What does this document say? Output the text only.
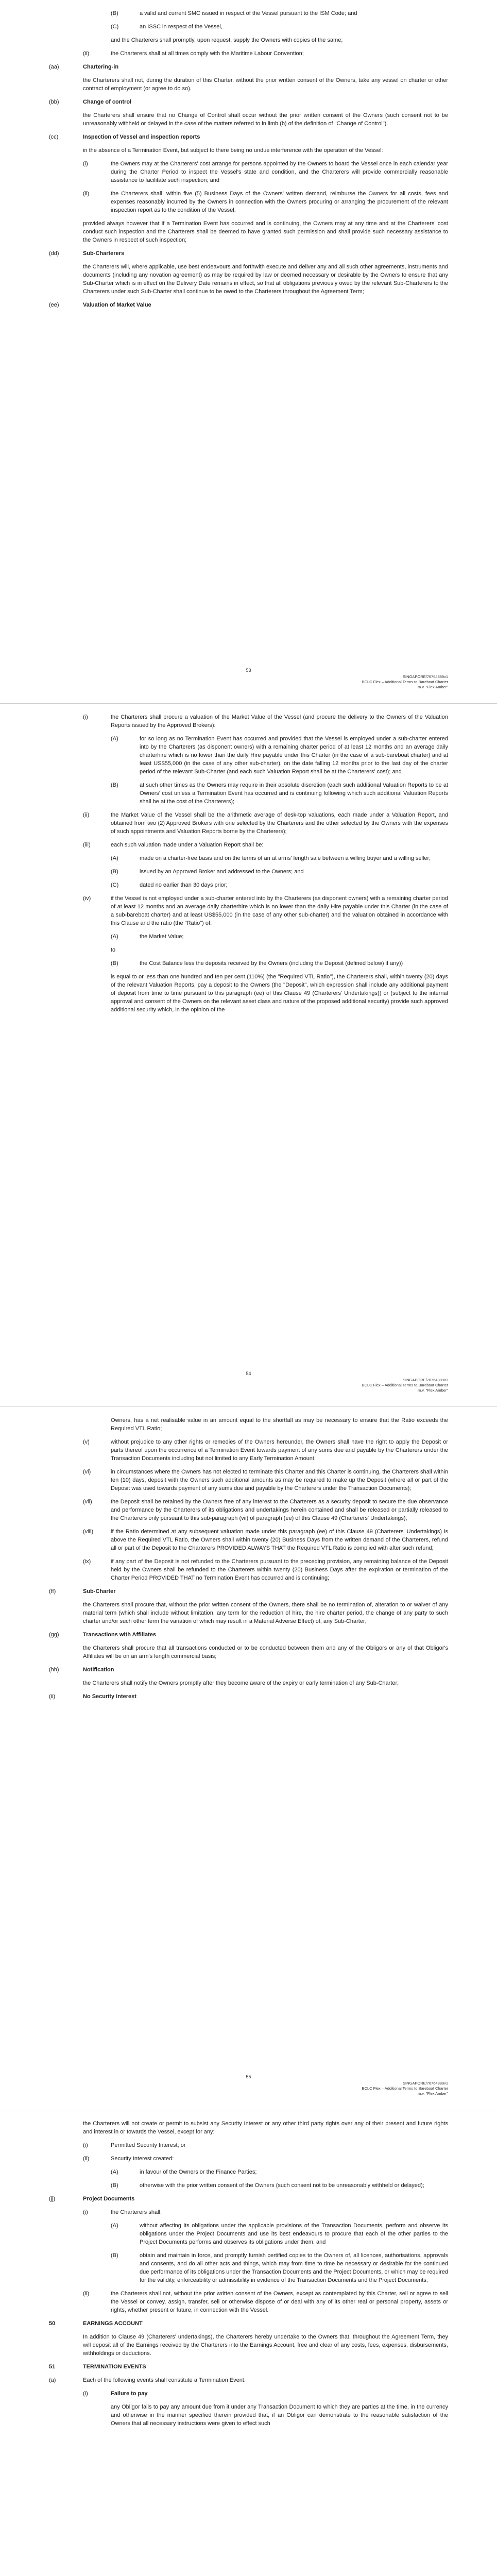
(B)	a valid and current SMC issued in respect of the Vessel pursuant to the ISM Code; and
(C)	an ISSC in respect of the Vessel,
and the Charterers shall promptly, upon request, supply the Owners with copies of the same;
(ii)	the Charterers shall at all times comply with the Maritime Labour Convention;
(aa)	Chartering-in
the Charterers shall not, during the duration of this Charter, without the prior written consent of the Owners, take any vessel on charter or other contract of employment (or agree to do so).
(bb)	Change of control
the Charterers shall ensure that no Change of Control shall occur without the prior written consent of the Owners (such consent not to be unreasonably withheld or delayed in the case of the matters referred to in limb (b) of the definition of "Change of Control").
(cc)	Inspection of Vessel and inspection reports
in the absence of a Termination Event, but subject to there being no undue interference with the operation of the Vessel:
(i)	the Owners may at the Charterers' cost arrange for persons appointed by the Owners to board the Vessel once in each calendar year during the Charter Period to inspect the Vessel's state and condition, and the Charterers will provide commercially reasonable assistance to facilitate such inspection; and
(ii)	the Charterers shall, within five (5) Business Days of the Owners' written demand, reimburse the Owners for all costs, fees and expenses reasonably incurred by the Owners in connection with the Owners procuring or arranging the procurement of the relevant inspection report as to the condition of the Vessel,
provided always however that if a Termination Event has occurred and is continuing, the Owners may at any time and at the Charterers' cost conduct such inspection and the Charterers shall be deemed to have granted such permission and shall provide such necessary assistance to the Owners in respect of such inspection;
(dd)	Sub-Charterers
the Charterers will, where applicable, use best endeavours and forthwith execute and deliver any and all such other agreements, instruments and documents (including any novation agreement) as may be required by law or deemed necessary or desirable by the Owners to ensure that any Sub-Charter which is in effect on the Delivery Date remains in effect, so that all obligations previously owed by the relevant Sub-Charterers to the Charterers under such Sub-Charter shall continue to be owed to the Charterers throughout the Agreement Term;
(ee)	Valuation of Market Value
53
SINGAPORE/76764889v1
BCLC Flex – Additional Terms to Bareboat Charter
m.v. "Flex Amber"
(i)	the Charterers shall procure a valuation of the Market Value of the Vessel (and procure the delivery to the Owners of the Valuation Reports issued by the Approved Brokers):
(A)	for so long as no Termination Event has occurred and provided that the Vessel is employed under a sub-charter entered into by the Charterers (as disponent owners) with a remaining charter period of at least 12 months and an average daily charterhire which is no lower than the daily Hire payable under this Charter (in the case of a sub-bareboat charter) and at least US$55,000 (in the case of any other sub-charter), on the date falling 12 months prior to the last day of the charter period of the relevant Sub-Charter (and each such Valuation Report shall be at the Charterers' cost); and
(B)	at such other times as the Owners may require in their absolute discretion (each such additional Valuation Reports to be at Owners' cost unless a Termination Event has occurred and is continuing following which such additional Valuation Reports shall be at the cost of the Charterers);
(ii)	the Market Value of the Vessel shall be the arithmetic average of desk-top valuations, each made under a Valuation Report, and obtained from two (2) Approved Brokers with one selected by the Charterers and the other selected by the Owners with the expenses of such appointments and Valuation Reports borne by the Charterers);
(iii)	each such valuation made under a Valuation Report shall be:
(A)	made on a charter-free basis and on the terms of an at arms' length sale between a willing buyer and a willing seller;
(B)	issued by an Approved Broker and addressed to the Owners; and
(C)	dated no earlier than 30 days prior;
(iv)	if the Vessel is not employed under a sub-charter entered into by the Charterers (as disponent owners) with a remaining charter period of at least 12 months and an average daily charterhire which is no lower than the daily Hire payable under this Charter (in the case of a sub-bareboat charter) and at least US$55,000 (in the case of any other sub-charter) and the valuation obtained in accordance with this Clause and the ratio (the "Ratio") of:
(A)	the Market Value;
to
(B)	the Cost Balance less the deposits received by the Owners (including the Deposit (defined below) if any))
is equal to or less than one hundred and ten per cent (110%) (the "Required VTL Ratio"), the Charterers shall, within twenty (20) days of the relevant Valuation Reports, pay a deposit to the Owners (the "Deposit", which expression shall include any additional payment of deposit from time to time pursuant to this paragraph (ee) of this Clause 49 (Charterers' Undertakings)) or (subject to the internal approval and consent of the Owners on the relevant asset class and nature of the proposed additional security) provide such approved additional security which, in the opinion of the
54
SINGAPORE/76764889v1
BCLC Flex – Additional Terms to Bareboat Charter
m.v. "Flex Amber"
Owners, has a net realisable value in an amount equal to the shortfall as may be necessary to ensure that the Ratio exceeds the Required VTL Ratio;
(v)	without prejudice to any other rights or remedies of the Owners hereunder, the Owners shall have the right to apply the Deposit or parts thereof upon the occurrence of a Termination Event towards payment of any sums due and payable by the Charterers under the Transaction Documents including but not limited to any Early Termination Amount;
(vi)	in circumstances where the Owners has not elected to terminate this Charter and this Charter is continuing, the Charterers shall within ten (10) days, deposit with the Owners such additional amounts as may be required to make up the Deposit (where all or part of the Deposit was used towards payment of any sums due and payable by the Charterers under the Transaction Documents);
(vii)	the Deposit shall be retained by the Owners free of any interest to the Charterers as a security deposit to secure the due observance and performance by the Charterers of its obligations and undertakings herein contained and shall be released or partially released to the Charterers only pursuant to this sub-paragraph (vii) of paragraph (ee) of this Clause 49 (Charterers' Undertakings);
(viii)	if the Ratio determined at any subsequent valuation made under this paragraph (ee) of this Clause 49 (Charterers' Undertakings) is above the Required VTL Ratio, the Owners shall within twenty (20) Business Days from the written demand of the Charterers, refund all or part of the Deposit to the Charterers PROVIDED ALWAYS THAT the Required VTL Ratio is complied with after such refund;
(ix)	if any part of the Deposit is not refunded to the Charterers pursuant to the preceding provision, any remaining balance of the Deposit held by the Owners shall be refunded to the Charterers within twenty (20) Business Days after the expiration or termination of the Charter Period PROVIDED THAT no Termination Event has occurred and is continuing;
(ff)	Sub-Charter
the Charterers shall procure that, without the prior written consent of the Owners, there shall be no termination of, alteration to or waiver of any material term (which shall include without limitation, any term for the reduction of hire, the hire charter period, the change of any party to such charter and/or such other term the variation of which may result in a Material Adverse Effect) of, any Sub-Charter;
(gg)	Transactions with Affiliates
the Charterers shall procure that all transactions conducted or to be conducted between them and any of the Obligors or any of that Obligor's Affiliates will be on an arm's length commercial basis;
(hh)	Notification
the Charterers shall notify the Owners promptly after they become aware of the expiry or early termination of any Sub-Charter;
(ii)	No Security Interest
55
SINGAPORE/76764889v1
BCLC Flex – Additional Terms to Bareboat Charter
m.v. "Flex Amber"
the Charterers will not create or permit to subsist any Security Interest or any other third party rights over any of their present and future rights and interest in or towards the Vessel, except for any:
(i)	Permitted Security Interest; or
(ii)	Security Interest created:
(A)	in favour of the Owners or the Finance Parties;
(B)	otherwise with the prior written consent of the Owners (such consent not to be unreasonably withheld or delayed);
(jj)	Project Documents
(i)	the Charterers shall:
(A)	without affecting its obligations under the applicable provisions of the Transaction Documents, perform and observe its obligations under the Project Documents and use its best endeavours to procure that each of the other parties to the Project Documents performs and observes its obligations under them; and
(B)	obtain and maintain in force, and promptly furnish certified copies to the Owners of, all licences, authorisations, approvals and consents, and do all other acts and things, which may from time to time be necessary or desirable for the continued due performance of its obligations under the Transaction Documents and the Project Documents, or which may be required for the validity, enforceability or admissibility in evidence of the Transaction Documents and the Project Documents;
(ii)	the Charterers shall not, without the prior written consent of the Owners, except as contemplated by this Charter, sell or agree to sell the Vessel or convey, assign, transfer, sell or otherwise dispose of or deal with any of its other real or personal property, assets or rights, whether present or future, in connection with the Vessel.
50	EARNINGS ACCOUNT
In addition to Clause 49 (Charterers' undertakings), the Charterers hereby undertake to the Owners that, throughout the Agreement Term, they will deposit all of the Earnings received by the Charterers into the Earnings Account, free and clear of any costs, fees, expenses, disbursements, withholdings or deductions.
51	TERMINATION EVENTS
(a)	Each of the following events shall constitute a Termination Event:
(i)	Failure to pay
any Obligor fails to pay any amount due from it under any Transaction Document to which they are parties at the time, in the currency and otherwise in the manner specified therein provided that, if an Obligor can demonstrate to the reasonable satisfaction of the Owners that all necessary instructions were given to effect such
